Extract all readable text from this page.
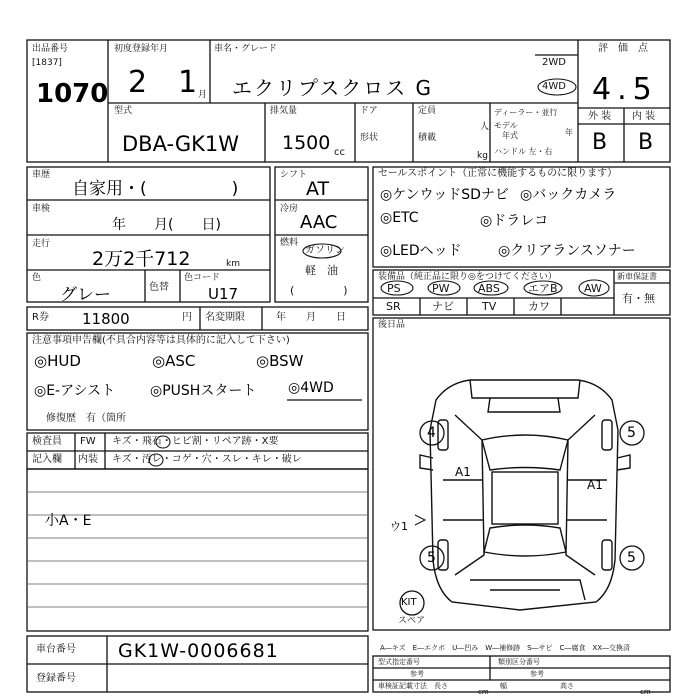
出品番号
[1837]
1070
初度登録年月
2 1 月
車名・グレード
エクリプスクロス G
2WD
4WD
評　価　点
4.5
外 装 内 装
B B
型式
DBA-GK1W
排気量
1500 cc
ドア
形状
定員
人
積載
kg
ディーラー・並行
モデル
年式	年
ハンドル 左・右
車歴
自家用・(　　　　　)
車検
年　　月(　　日)
走行
2万2千712	km
色
グレー	色替
色コード
U17
シフト
AT
冷房
AAC
燃料
ガソリン
軽　油
(　　　)
セールスポイント（正常に機能するものに限ります）
◎ケンウッドSDナビ ◎バックカメラ
◎ETC	◎ドラレコ
◎LEDヘッド	◎クリアランスソナー
装備品（純正品に限り◎をつけてください）
PS	PW	ABS	エアB AW
SR	ナビ	TV	カワ
新車保証書
有・無
R券 11800	円 名変期限	年　　月　　日
注意事項申告欄(不具合内容等は具体的に記入して下さい)
◎HUD	◎ASC	◎BSW
◎E-アシスト ◎PUSHスタート ◎4WD
修復歴　有（箇所
検査員
記入欄
FW キズ・飛石・ヒビ割・リペア跡・X要
内装 キズ・汚レ・コゲ・穴・スレ・キレ・破レ
小A・E
後日品
4	5
5	5
A1
A1
ウ1
KIT
スペア
車台番号 GK1W-0006681
登録番号
A―キズ　E―エクボ　U―凹み　W―補修跡　S―サビ　C―腐食　XX―交換済
型式指定番号	類別区分番号
参考	参考
車検証記載寸法　長さ
cm
幅	高さ
cm
